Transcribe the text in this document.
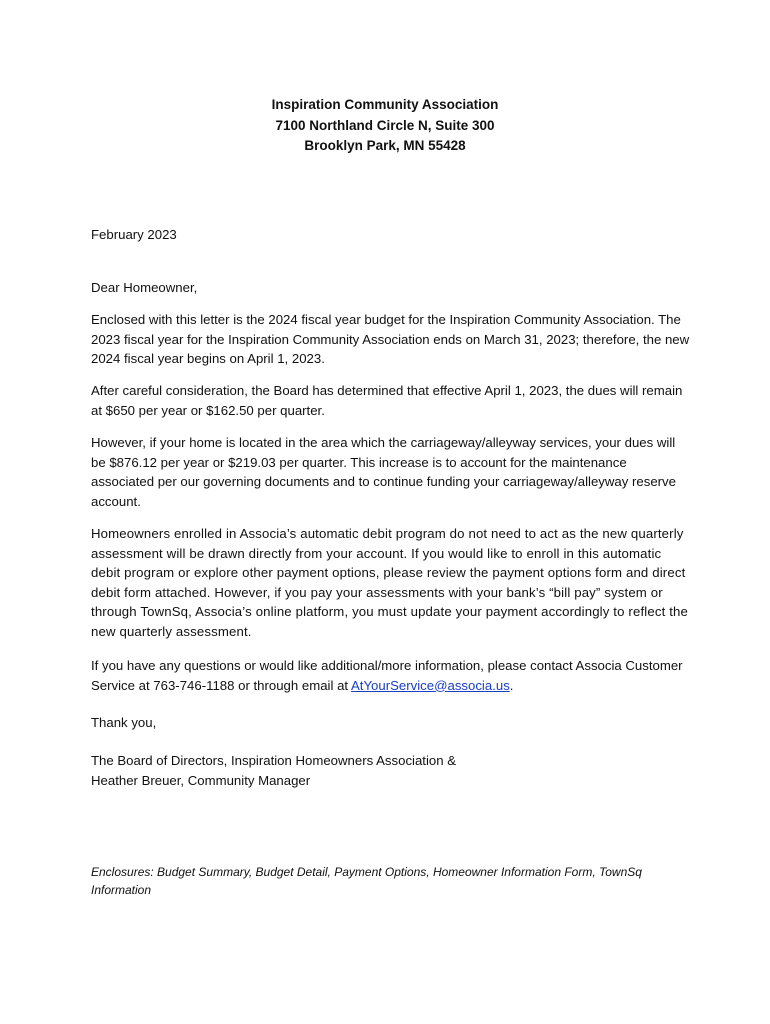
Inspiration Community Association
7100 Northland Circle N, Suite 300
Brooklyn Park, MN 55428

February 2023

Dear Homeowner,

Enclosed with this letter is the 2024 fiscal year budget for the Inspiration Community Association. The 2023 fiscal year for the Inspiration Community Association ends on March 31, 2023; therefore, the new 2024 fiscal year begins on April 1, 2023.

After careful consideration, the Board has determined that effective April 1, 2023, the dues will remain at $650 per year or $162.50 per quarter.

However, if your home is located in the area which the carriageway/alleyway services, your dues will be $876.12 per year or $219.03 per quarter. This increase is to account for the maintenance associated per our governing documents and to continue funding your carriageway/alleyway reserve account.

Homeowners enrolled in Associa’s automatic debit program do not need to act as the new quarterly assessment will be drawn directly from your account. If you would like to enroll in this automatic debit program or explore other payment options, please review the payment options form and direct debit form attached. However, if you pay your assessments with your bank’s “bill pay” system or through TownSq, Associa’s online platform, you must update your payment accordingly to reflect the new quarterly assessment.

If you have any questions or would like additional/more information, please contact Associa Customer Service at 763-746-1188 or through email at AtYourService@associa.us.

Thank you,

The Board of Directors, Inspiration Homeowners Association &
Heather Breuer, Community Manager

Enclosures: Budget Summary, Budget Detail, Payment Options, Homeowner Information Form, TownSq Information
